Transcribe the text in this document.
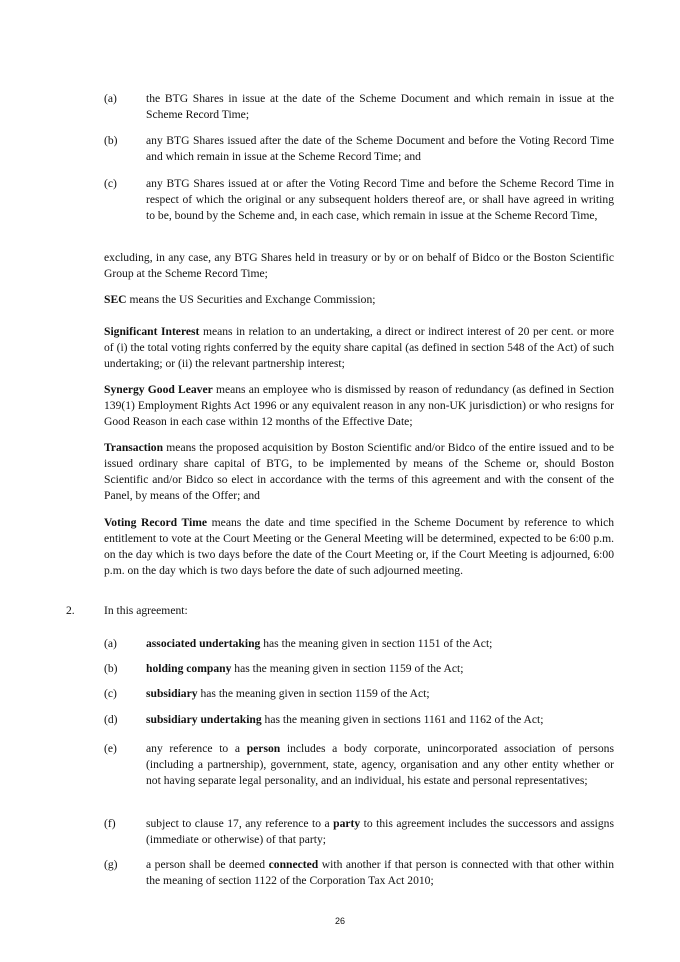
(a)	the BTG Shares in issue at the date of the Scheme Document and which remain in issue at the Scheme Record Time;
(b) any BTG Shares issued after the date of the Scheme Document and before the Voting Record Time and which remain in issue at the Scheme Record Time; and
(c)	any BTG Shares issued at or after the Voting Record Time and before the Scheme Record Time in respect of which the original or any subsequent holders thereof are, or shall have agreed in writing to be, bound by the Scheme and, in each case, which remain in issue at the Scheme Record Time,
excluding, in any case, any BTG Shares held in treasury or by or on behalf of Bidco or the Boston Scientific Group at the Scheme Record Time;
SEC means the US Securities and Exchange Commission;
Significant Interest means in relation to an undertaking, a direct or indirect interest of 20 per cent. or more of (i) the total voting rights conferred by the equity share capital (as defined in section 548 of the Act) of such undertaking; or (ii) the relevant partnership interest;
Synergy Good Leaver means an employee who is dismissed by reason of redundancy (as defined in Section 139(1) Employment Rights Act 1996 or any equivalent reason in any non-UK jurisdiction) or who resigns for Good Reason in each case within 12 months of the Effective Date;
Transaction means the proposed acquisition by Boston Scientific and/or Bidco of the entire issued and to be issued ordinary share capital of BTG, to be implemented by means of the Scheme or, should Boston Scientific and/or Bidco so elect in accordance with the terms of this agreement and with the consent of the Panel, by means of the Offer; and
Voting Record Time means the date and time specified in the Scheme Document by reference to which entitlement to vote at the Court Meeting or the General Meeting will be determined, expected to be 6:00 p.m. on the day which is two days before the date of the Court Meeting or, if the Court Meeting is adjourned, 6:00 p.m. on the day which is two days before the date of such adjourned meeting.
2.	In this agreement:
(a)	associated undertaking has the meaning given in section 1151 of the Act;
(b) holding company has the meaning given in section 1159 of the Act;
(c)	subsidiary has the meaning given in section 1159 of the Act;
(d) subsidiary undertaking has the meaning given in sections 1161 and 1162 of the Act;
(e)	any reference to a person includes a body corporate, unincorporated association of persons (including a partnership), government, state, agency, organisation and any other entity whether or not having separate legal personality, and an individual, his estate and personal representatives;
(f)	subject to clause 17, any reference to a party to this agreement includes the successors and assigns (immediate or otherwise) of that party;
(g) a person shall be deemed connected with another if that person is connected with that other within the meaning of section 1122 of the Corporation Tax Act 2010;
26
